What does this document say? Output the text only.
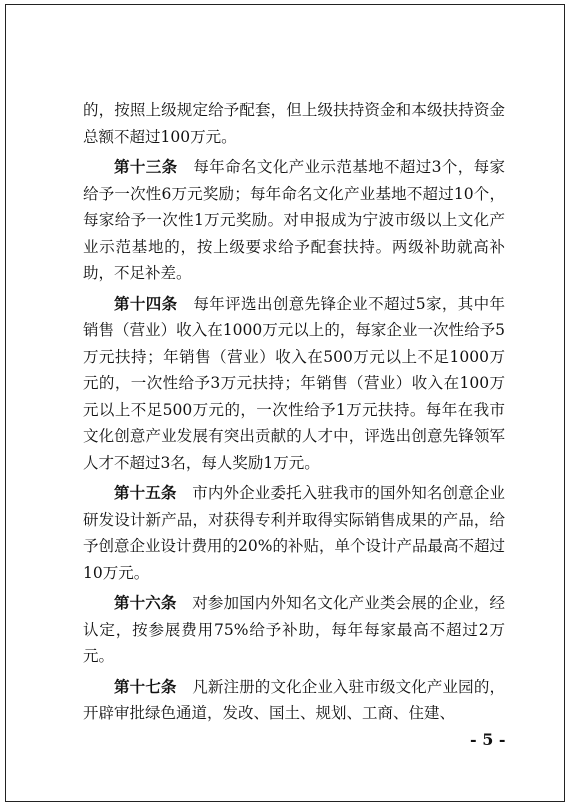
的，按照上级规定给予配套，但上级扶持资金和本级扶持资金总额不超过100万元。

第十三条　 每年命名文化产业示范基地不超过3个，每家给予一次性6万元奖励；每年命名文化产业基地不超过10个，每家给予一次性1万元奖励。对申报成为宁波市级以上文化产业示范基地的，按上级要求给予配套扶持。两级补助就高补助，不足补差。

第十四条　 每年评选出创意先锋企业不超过5家，其中年销售（营业）收入在1000万元以上的，每家企业一次性给予5万元扶持；年销售（营业）收入在500万元以上不足1000万元的，一次性给予3万元扶持；年销售（营业）收入在100万元以上不足500万元的，一次性给予1万元扶持。每年在我市文化创意产业发展有突出贡献的人才中，评选出创意先锋领军人才不超过3名，每人奖励1万元。

第十五条　 市内外企业委托入驻我市的国外知名创意企业研发设计新产品，对获得专利并取得实际销售成果的产品，给予创意企业设计费用的20%的补贴，单个设计产品最高不超过10万元。

第十六条　 对参加国内外知名文化产业类会展的企业，经认定，按参展费用75%给予补助，每年每家最高不超过2万元。

第十七条　 凡新注册的文化企业入驻市级文化产业园的，开辟审批绿色通道，发改、国土、规划、工商、住建、

- 5 -
